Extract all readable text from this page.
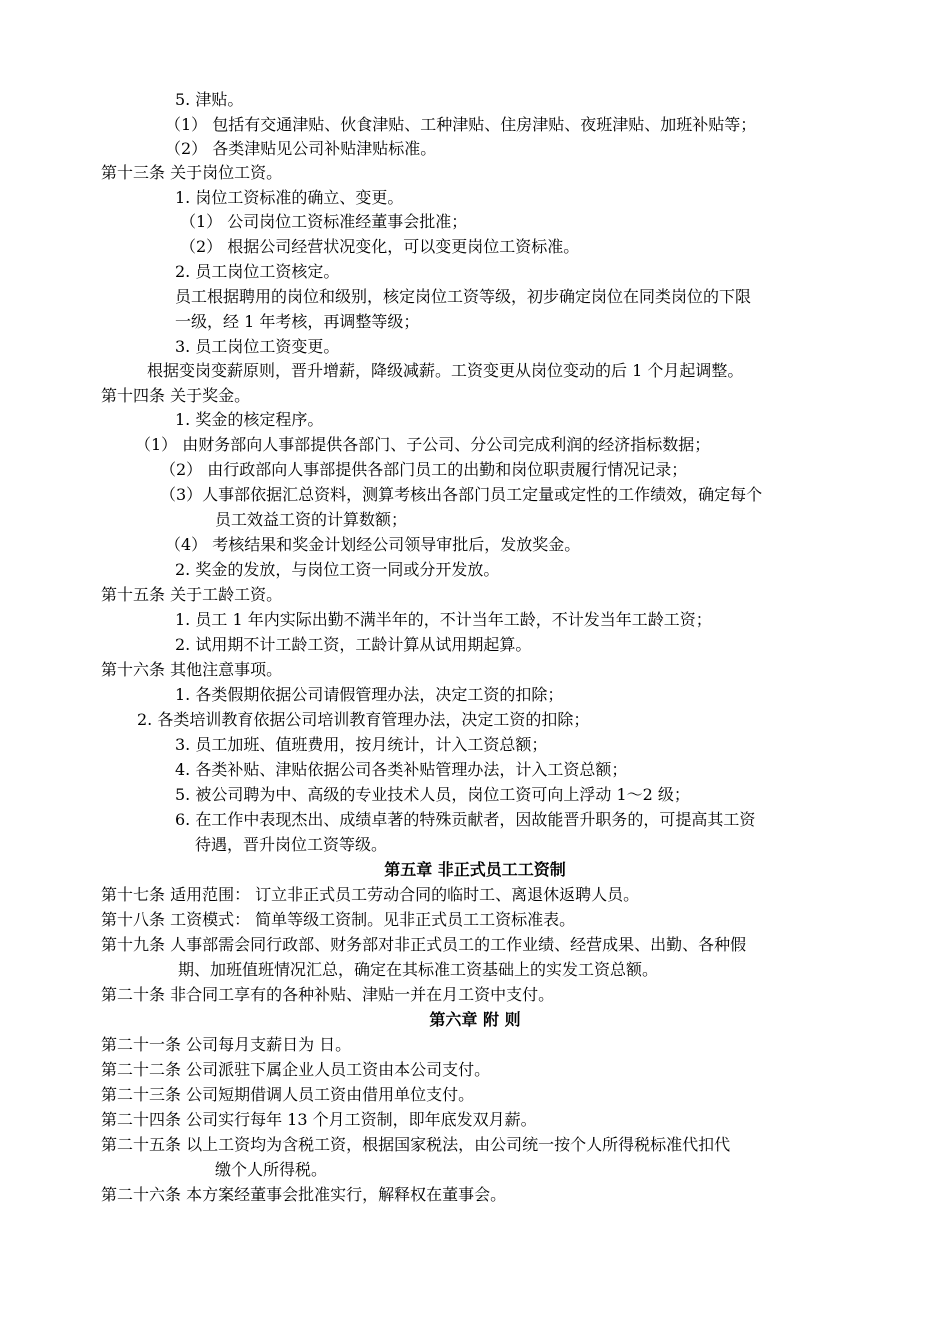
5. 津贴。
（1） 包括有交通津贴、伙食津贴、工种津贴、住房津贴、夜班津贴、加班补贴等；
（2） 各类津贴见公司补贴津贴标准。
第十三条 关于岗位工资。
1. 岗位工资标准的确立、变更。
（1） 公司岗位工资标准经董事会批准；
（2） 根据公司经营状况变化，可以变更岗位工资标准。
2. 员工岗位工资核定。
员工根据聘用的岗位和级别，核定岗位工资等级，初步确定岗位在同类岗位的下限
一级，经 1 年考核，再调整等级；
3. 员工岗位工资变更。
根据变岗变薪原则，晋升增薪，降级减薪。工资变更从岗位变动的后 1 个月起调整。
第十四条 关于奖金。
1. 奖金的核定程序。
（1） 由财务部向人事部提供各部门、子公司、分公司完成利润的经济指标数据；
（2） 由行政部向人事部提供各部门员工的出勤和岗位职责履行情况记录；
（3）人事部依据汇总资料，测算考核出各部门员工定量或定性的工作绩效，确定每个
员工效益工资的计算数额；
（4） 考核结果和奖金计划经公司领导审批后，发放奖金。
2. 奖金的发放，与岗位工资一同或分开发放。
第十五条 关于工龄工资。
1. 员工 1 年内实际出勤不满半年的，不计当年工龄，不计发当年工龄工资；
2. 试用期不计工龄工资，工龄计算从试用期起算。
第十六条 其他注意事项。
1. 各类假期依据公司请假管理办法，决定工资的扣除；
2. 各类培训教育依据公司培训教育管理办法，决定工资的扣除；
3. 员工加班、值班费用，按月统计，计入工资总额；
4. 各类补贴、津贴依据公司各类补贴管理办法，计入工资总额；
5. 被公司聘为中、高级的专业技术人员，岗位工资可向上浮动 1～2 级；
6. 在工作中表现杰出、成绩卓著的特殊贡献者，因故能晋升职务的，可提高其工资
待遇，晋升岗位工资等级。
第五章 非正式员工工资制
第十七条 适用范围： 订立非正式员工劳动合同的临时工、离退休返聘人员。
第十八条 工资模式： 简单等级工资制。见非正式员工工资标准表。
第十九条 人事部需会同行政部、财务部对非正式员工的工作业绩、经营成果、出勤、各种假
期、加班值班情况汇总，确定在其标准工资基础上的实发工资总额。
第二十条 非合同工享有的各种补贴、津贴一并在月工资中支付。
第六章 附 则
第二十一条 公司每月支薪日为 日。
第二十二条 公司派驻下属企业人员工资由本公司支付。
第二十三条 公司短期借调人员工资由借用单位支付。
第二十四条 公司实行每年 13 个月工资制，即年底发双月薪。
第二十五条 以上工资均为含税工资，根据国家税法，由公司统一按个人所得税标准代扣代
缴个人所得税。
第二十六条 本方案经董事会批准实行，解释权在董事会。
